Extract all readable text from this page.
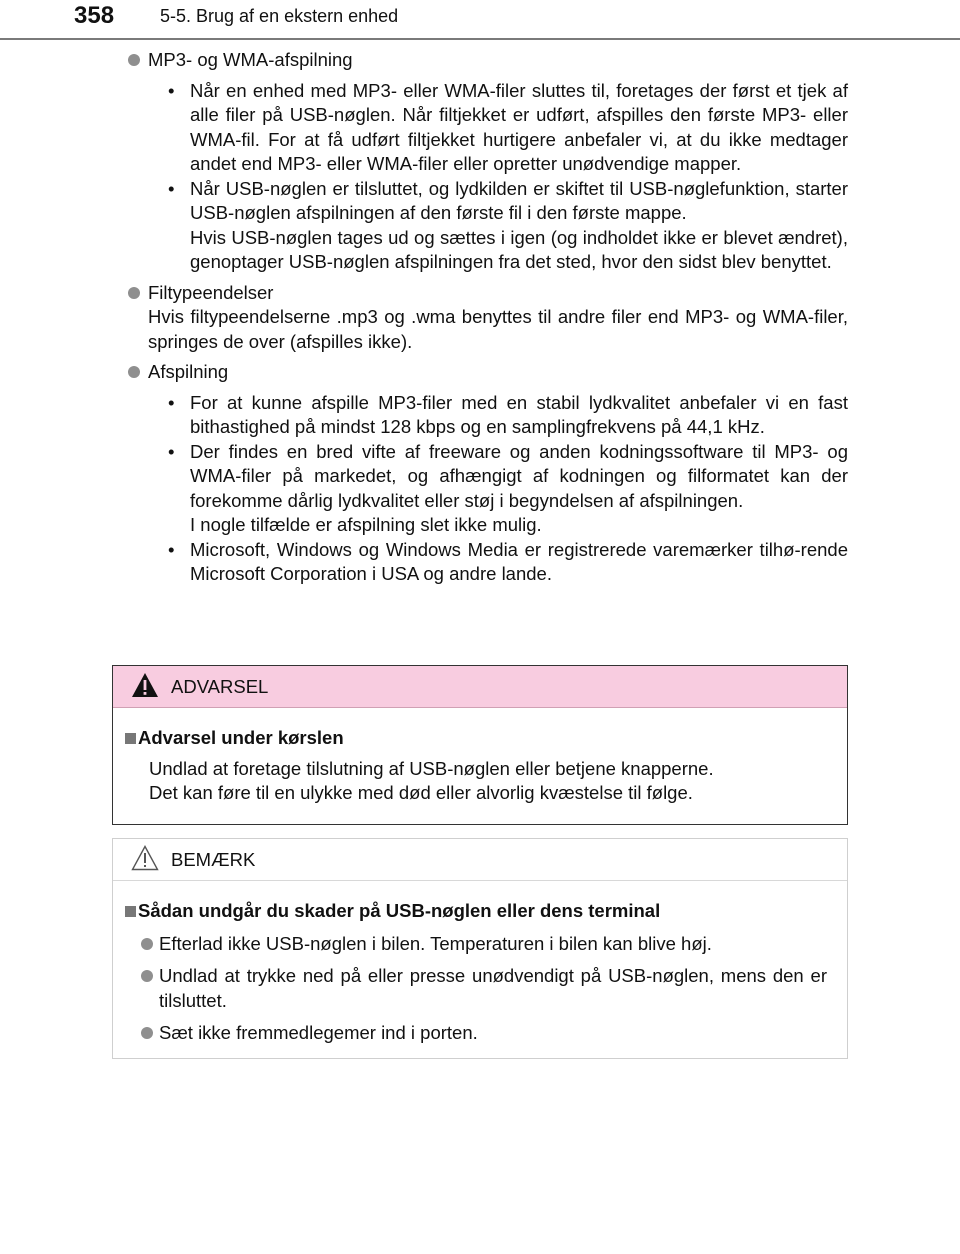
358	5-5. Brug af en ekstern enhed
MP3- og WMA-afspilning
• Når en enhed med MP3- eller WMA-filer sluttes til, foretages der først et tjek af alle filer på USB-nøglen. Når filtjekket er udført, afspilles den første MP3- eller WMA-fil. For at få udført filtjekket hurtigere anbefaler vi, at du ikke medtager andet end MP3- eller WMA-filer eller opretter unødvendige mapper.
• Når USB-nøglen er tilsluttet, og lydkilden er skiftet til USB-nøglefunktion, starter USB-nøglen afspilningen af den første fil i den første mappe.
Hvis USB-nøglen tages ud og sættes i igen (og indholdet ikke er blevet ændret), genoptager USB-nøglen afspilningen fra det sted, hvor den sidst blev benyttet.
Filtypeendelser
Hvis filtypeendelserne .mp3 og .wma benyttes til andre filer end MP3- og WMA-filer, springes de over (afspilles ikke).
Afspilning
• For at kunne afspille MP3-filer med en stabil lydkvalitet anbefaler vi en fast bithastighed på mindst 128 kbps og en samplingfrekvens på 44,1 kHz.
• Der findes en bred vifte af freeware og anden kodningssoftware til MP3- og WMA-filer på markedet, og afhængigt af kodningen og filformatet kan der forekomme dårlig lydkvalitet eller støj i begyndelsen af afspilningen.
I nogle tilfælde er afspilning slet ikke mulig.
• Microsoft, Windows og Windows Media er registrerede varemærker tilhø-rende Microsoft Corporation i USA og andre lande.
ADVARSEL
Advarsel under kørslen
Undlad at foretage tilslutning af USB-nøglen eller betjene knapperne.
Det kan føre til en ulykke med død eller alvorlig kvæstelse til følge.
BEMÆRK
Sådan undgår du skader på USB-nøglen eller dens terminal
Efterlad ikke USB-nøglen i bilen. Temperaturen i bilen kan blive høj.
Undlad at trykke ned på eller presse unødvendigt på USB-nøglen, mens den er tilsluttet.
Sæt ikke fremmedlegemer ind i porten.
